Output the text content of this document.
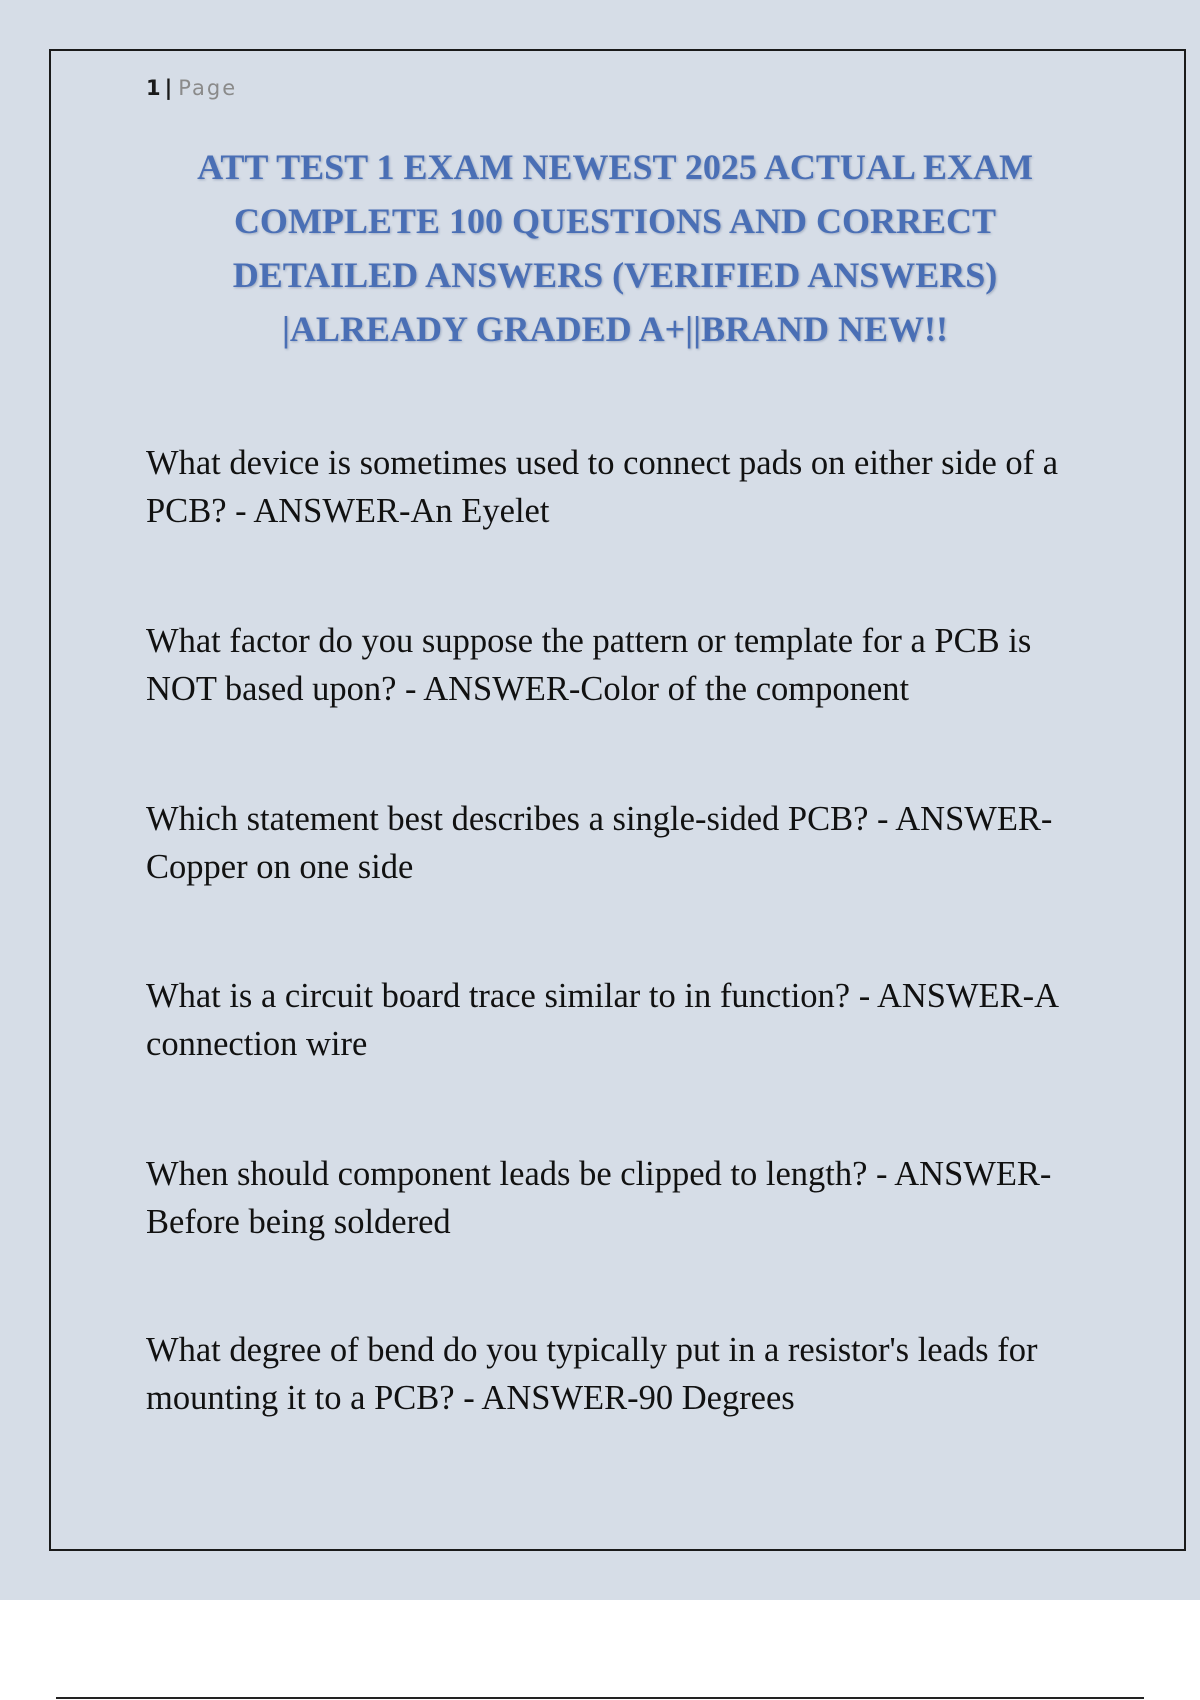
1 | Page
ATT TEST 1 EXAM NEWEST 2025 ACTUAL EXAM COMPLETE 100 QUESTIONS AND CORRECT DETAILED ANSWERS (VERIFIED ANSWERS) |ALREADY GRADED A+||BRAND NEW!!

What device is sometimes used to connect pads on either side of a PCB? - ANSWER-An Eyelet

What factor do you suppose the pattern or template for a PCB is NOT based upon? - ANSWER-Color of the component

Which statement best describes a single-sided PCB? - ANSWER-Copper on one side

What is a circuit board trace similar to in function? - ANSWER-A connection wire

When should component leads be clipped to length? - ANSWER-Before being soldered

What degree of bend do you typically put in a resistor's leads for mounting it to a PCB? - ANSWER-90 Degrees
